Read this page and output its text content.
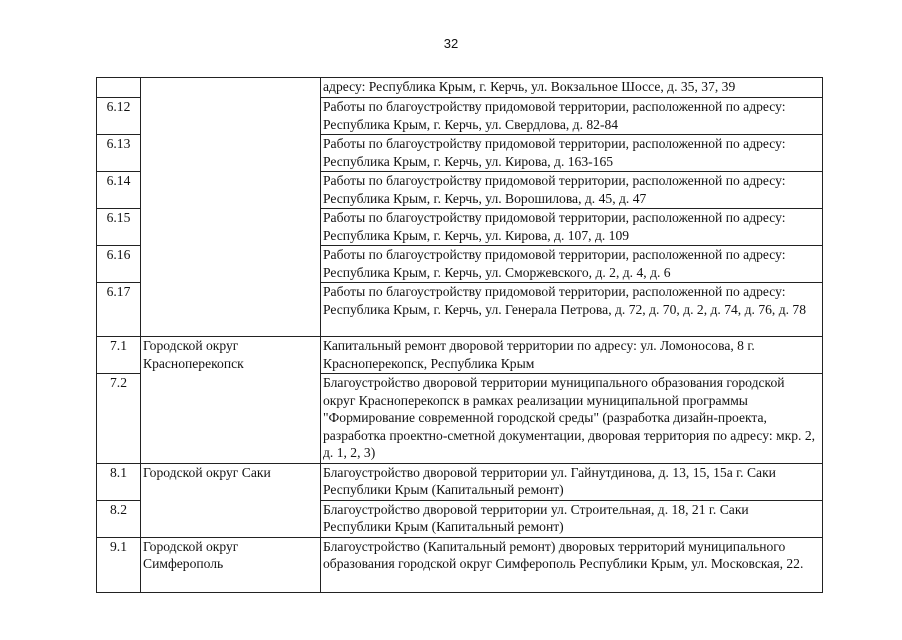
32
		адресу: Республика Крым, г. Керчь, ул. Вокзальное Шоссе, д. 35, 37, 39
6.12		Работы по благоустройству придомовой территории, расположенной по адресу: Республика Крым, г. Керчь, ул. Свердлова, д. 82-84
6.13		Работы по благоустройству придомовой территории, расположенной по адресу: Республика Крым, г. Керчь, ул. Кирова, д. 163-165
6.14		Работы по благоустройству придомовой территории, расположенной по адресу: Республика Крым, г. Керчь, ул. Ворошилова, д. 45, д. 47
6.15		Работы по благоустройству придомовой территории, расположенной по адресу: Республика Крым, г. Керчь, ул. Кирова, д. 107, д. 109
6.16		Работы по благоустройству придомовой территории, расположенной по адресу: Республика Крым, г. Керчь, ул. Сморжевского, д. 2, д. 4, д. 6
6.17		Работы по благоустройству придомовой территории, расположенной по адресу: Республика Крым, г. Керчь, ул. Генерала Петрова, д. 72, д. 70, д. 2, д. 74, д. 76, д. 78
7.1	Городской округ Красноперекопск	Капитальный ремонт дворовой территории по адресу: ул. Ломоносова, 8 г. Красноперекопск, Республика Крым
7.2		Благоустройство дворовой территории муниципального образования городской округ Красноперекопск в рамках реализации муниципальной программы "Формирование современной городской среды" (разработка дизайн-проекта, разработка проектно-сметной документации, дворовая территория по адресу: мкр. 2, д. 1, 2, 3)
8.1	Городской округ Саки	Благоустройство дворовой территории ул. Гайнутдинова, д. 13, 15, 15а г. Саки Республики Крым (Капитальный ремонт)
8.2		Благоустройство дворовой территории ул. Строительная, д. 18, 21 г. Саки Республики Крым (Капитальный ремонт)
9.1	Городской округ Симферополь	Благоустройство (Капитальный ремонт) дворовых территорий муниципального образования городской округ Симферополь Республики Крым, ул. Московская, 22.
